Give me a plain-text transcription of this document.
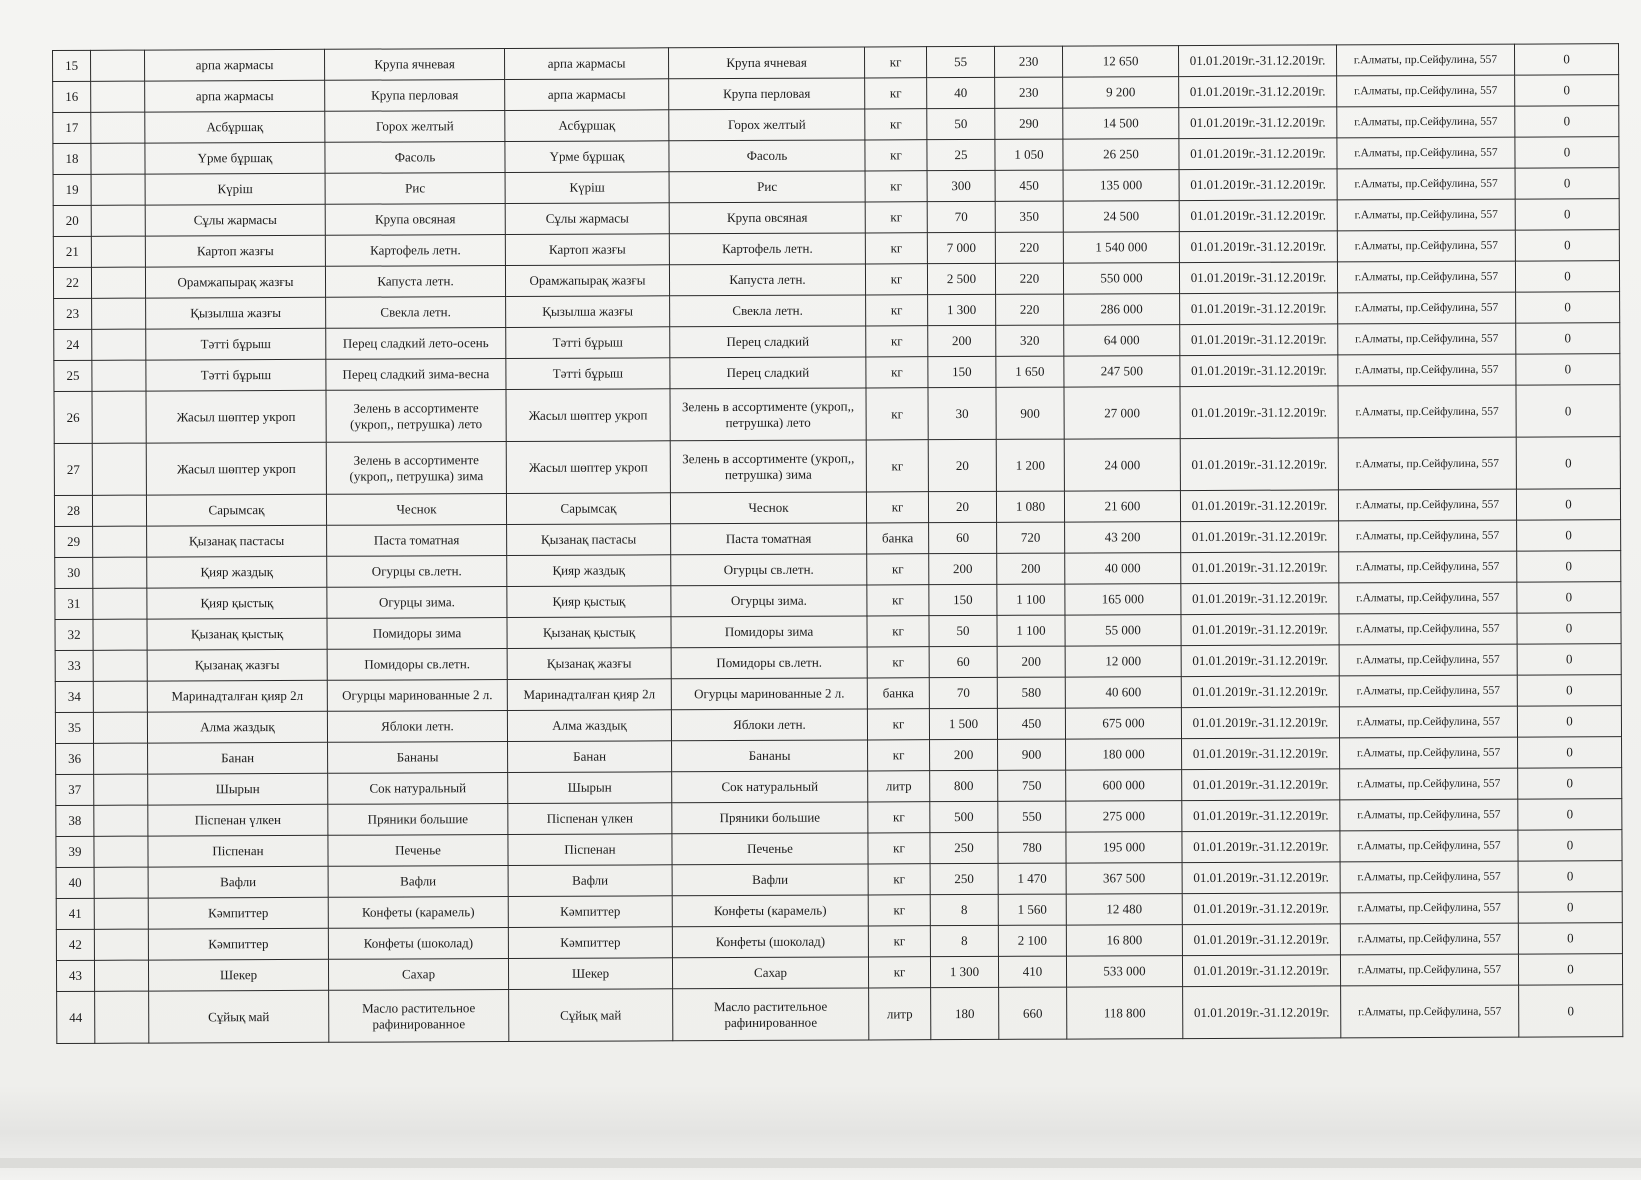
15		арпа жармасы	Крупа ячневая	арпа жармасы	Крупа ячневая	кг	55	230	12 650	01.01.2019г.-31.12.2019г.	г.Алматы, пр.Сейфулина, 557	0
16		арпа жармасы	Крупа перловая	арпа жармасы	Крупа перловая	кг	40	230	9 200	01.01.2019г.-31.12.2019г.	г.Алматы, пр.Сейфулина, 557	0
17		Асбұршақ	Горох желтый	Асбұршақ	Горох желтый	кг	50	290	14 500	01.01.2019г.-31.12.2019г.	г.Алматы, пр.Сейфулина, 557	0
18		Үрме бұршақ	Фасоль	Үрме бұршақ	Фасоль	кг	25	1 050	26 250	01.01.2019г.-31.12.2019г.	г.Алматы, пр.Сейфулина, 557	0
19		Күріш	Рис	Күріш	Рис	кг	300	450	135 000	01.01.2019г.-31.12.2019г.	г.Алматы, пр.Сейфулина, 557	0
20		Сұлы жармасы	Крупа овсяная	Сұлы жармасы	Крупа овсяная	кг	70	350	24 500	01.01.2019г.-31.12.2019г.	г.Алматы, пр.Сейфулина, 557	0
21		Картоп жазғы	Картофель летн.	Картоп жазғы	Картофель летн.	кг	7 000	220	1 540 000	01.01.2019г.-31.12.2019г.	г.Алматы, пр.Сейфулина, 557	0
22		Орамжапырақ жазғы	Капуста летн.	Орамжапырақ жазғы	Капуста летн.	кг	2 500	220	550 000	01.01.2019г.-31.12.2019г.	г.Алматы, пр.Сейфулина, 557	0
23		Қызылша жазғы	Свекла летн.	Қызылша жазғы	Свекла летн.	кг	1 300	220	286 000	01.01.2019г.-31.12.2019г.	г.Алматы, пр.Сейфулина, 557	0
24		Тәтті бұрыш	Перец сладкий лето-осень	Тәтті бұрыш	Перец сладкий	кг	200	320	64 000	01.01.2019г.-31.12.2019г.	г.Алматы, пр.Сейфулина, 557	0
25		Тәтті бұрыш	Перец сладкий зима-весна	Тәтті бұрыш	Перец сладкий	кг	150	1 650	247 500	01.01.2019г.-31.12.2019г.	г.Алматы, пр.Сейфулина, 557	0
26		Жасыл шөптер укроп	Зелень в ассортименте (укроп,, петрушка) лето	Жасыл шөптер укроп	Зелень в ассортименте (укроп,, петрушка) лето	кг	30	900	27 000	01.01.2019г.-31.12.2019г.	г.Алматы, пр.Сейфулина, 557	0
27		Жасыл шөптер укроп	Зелень в ассортименте (укроп,, петрушка) зима	Жасыл шөптер укроп	Зелень в ассортименте (укроп,, петрушка) зима	кг	20	1 200	24 000	01.01.2019г.-31.12.2019г.	г.Алматы, пр.Сейфулина, 557	0
28		Сарымсақ	Чеснок	Сарымсақ	Чеснок	кг	20	1 080	21 600	01.01.2019г.-31.12.2019г.	г.Алматы, пр.Сейфулина, 557	0
29		Қызанақ пастасы	Паста томатная	Қызанақ пастасы	Паста томатная	банка	60	720	43 200	01.01.2019г.-31.12.2019г.	г.Алматы, пр.Сейфулина, 557	0
30		Қияр жаздық	Огурцы св.летн.	Қияр жаздық	Огурцы св.летн.	кг	200	200	40 000	01.01.2019г.-31.12.2019г.	г.Алматы, пр.Сейфулина, 557	0
31		Қияр қыстық	Огурцы зима.	Қияр қыстық	Огурцы зима.	кг	150	1 100	165 000	01.01.2019г.-31.12.2019г.	г.Алматы, пр.Сейфулина, 557	0
32		Қызанақ қыстық	Помидоры зима	Қызанақ қыстық	Помидоры зима	кг	50	1 100	55 000	01.01.2019г.-31.12.2019г.	г.Алматы, пр.Сейфулина, 557	0
33		Қызанақ жазғы	Помидоры св.летн.	Қызанақ жазғы	Помидоры св.летн.	кг	60	200	12 000	01.01.2019г.-31.12.2019г.	г.Алматы, пр.Сейфулина, 557	0
34		Маринадталған қияр 2л	Огурцы маринованные 2 л.	Маринадталған қияр 2л	Огурцы маринованные 2 л.	банка	70	580	40 600	01.01.2019г.-31.12.2019г.	г.Алматы, пр.Сейфулина, 557	0
35		Алма жаздық	Яблоки летн.	Алма жаздық	Яблоки летн.	кг	1 500	450	675 000	01.01.2019г.-31.12.2019г.	г.Алматы, пр.Сейфулина, 557	0
36		Банан	Бананы	Банан	Бананы	кг	200	900	180 000	01.01.2019г.-31.12.2019г.	г.Алматы, пр.Сейфулина, 557	0
37		Шырын	Сок натуральный	Шырын	Сок натуральный	литр	800	750	600 000	01.01.2019г.-31.12.2019г.	г.Алматы, пр.Сейфулина, 557	0
38		Піспенан үлкен	Пряники большие	Піспенан үлкен	Пряники большие	кг	500	550	275 000	01.01.2019г.-31.12.2019г.	г.Алматы, пр.Сейфулина, 557	0
39		Піспенан	Печенье	Піспенан	Печенье	кг	250	780	195 000	01.01.2019г.-31.12.2019г.	г.Алматы, пр.Сейфулина, 557	0
40		Вафли	Вафли	Вафли	Вафли	кг	250	1 470	367 500	01.01.2019г.-31.12.2019г.	г.Алматы, пр.Сейфулина, 557	0
41		Кәмпиттер	Конфеты (карамель)	Кәмпиттер	Конфеты (карамель)	кг	8	1 560	12 480	01.01.2019г.-31.12.2019г.	г.Алматы, пр.Сейфулина, 557	0
42		Кәмпиттер	Конфеты (шоколад)	Кәмпиттер	Конфеты (шоколад)	кг	8	2 100	16 800	01.01.2019г.-31.12.2019г.	г.Алматы, пр.Сейфулина, 557	0
43		Шекер	Сахар	Шекер	Сахар	кг	1 300	410	533 000	01.01.2019г.-31.12.2019г.	г.Алматы, пр.Сейфулина, 557	0
44		Сұйық май	Масло растительное рафинированное	Сұйық май	Масло растительное рафинированное	литр	180	660	118 800	01.01.2019г.-31.12.2019г.	г.Алматы, пр.Сейфулина, 557	0
